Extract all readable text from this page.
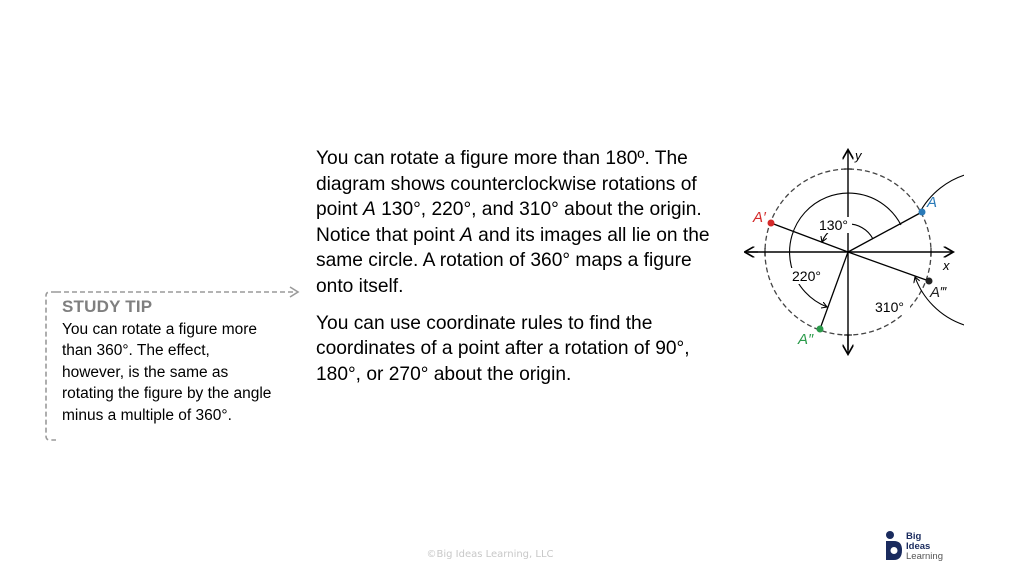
You can rotate a figure more than 180º. The diagram shows counterclockwise rotations of point A 130°, 220°, and 310° about the origin. Notice that point A and its images all lie on the same circle. A rotation of 360° maps a figure onto itself.

You can use coordinate rules to find the coordinates of a point after a rotation of 90°, 180°, or 270° about the origin.

STUDY TIP
You can rotate a figure more than 360°. The effect, however, is the same as rotating the figure by the angle minus a multiple of 360°.
y
x
130°
220°
310°
A
A′
A″
A‴
©Big Ideas Learning, LLC
Big
Ideas
Learning
